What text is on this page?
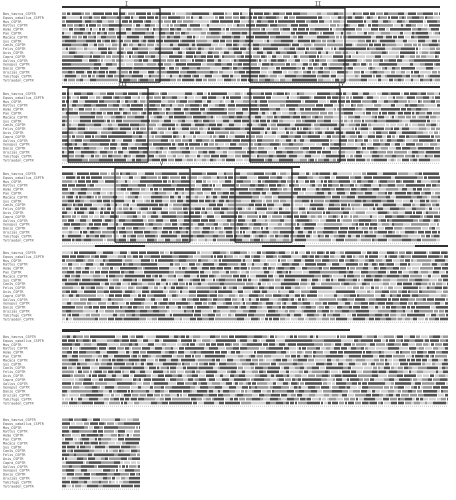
I	II
Bos_taurus_CSPTR
Equus_caballus_CSPTR
Mus_CSPTR
Rattus_CSPTR
Homo_CSPTR
Pan_CSPTR
Macaca_CSPTR
Sus_CSPTR
Canis_CSPTR
Felis_CSPTR
Ovis_CSPTR
Capra_CSPTR
Gallus_CSPTR
Xenopus_CSPTR
Danio_CSPTR
Oryzias_CSPTR
Takifugu_CSPTR
Tetraodon_CSPTR
III	IV
Bos_taurus_CSPTR
Equus_caballus_CSPTR
Mus_CSPTR
Rattus_CSPTR
Homo_CSPTR
Pan_CSPTR
Macaca_CSPTR
Sus_CSPTR
Canis_CSPTR
Felis_CSPTR
Ovis_CSPTR
Capra_CSPTR
Gallus_CSPTR
Xenopus_CSPTR
Danio_CSPTR
Oryzias_CSPTR
Takifugu_CSPTR
Tetraodon_CSPTR
V
Bos_taurus_CSPTR
Equus_caballus_CSPTR
Mus_CSPTR
Rattus_CSPTR
Homo_CSPTR
Pan_CSPTR
Macaca_CSPTR
Sus_CSPTR
Canis_CSPTR
Felis_CSPTR
Ovis_CSPTR
Capra_CSPTR
Gallus_CSPTR
Xenopus_CSPTR
Danio_CSPTR
Oryzias_CSPTR
Takifugu_CSPTR
Tetraodon_CSPTR
Bos_taurus_CSPTR
Equus_caballus_CSPTR
Mus_CSPTR
Rattus_CSPTR
Homo_CSPTR
Pan_CSPTR
Macaca_CSPTR
Sus_CSPTR
Canis_CSPTR
Felis_CSPTR
Ovis_CSPTR
Capra_CSPTR
Gallus_CSPTR
Xenopus_CSPTR
Danio_CSPTR
Oryzias_CSPTR
Takifugu_CSPTR
Tetraodon_CSPTR
Bos_taurus_CSPTR
Equus_caballus_CSPTR
Mus_CSPTR
Rattus_CSPTR
Homo_CSPTR
Pan_CSPTR
Macaca_CSPTR
Sus_CSPTR
Canis_CSPTR
Felis_CSPTR
Ovis_CSPTR
Capra_CSPTR
Gallus_CSPTR
Xenopus_CSPTR
Danio_CSPTR
Oryzias_CSPTR
Takifugu_CSPTR
Tetraodon_CSPTR
Bos_taurus_CSPTR
Equus_caballus_CSPTR
Mus_CSPTR
Rattus_CSPTR
Homo_CSPTR
Pan_CSPTR
Macaca_CSPTR
Sus_CSPTR
Canis_CSPTR
Felis_CSPTR
Ovis_CSPTR
Capra_CSPTR
Gallus_CSPTR
Xenopus_CSPTR
Danio_CSPTR
Oryzias_CSPTR
Takifugu_CSPTR
Tetraodon_CSPTR
